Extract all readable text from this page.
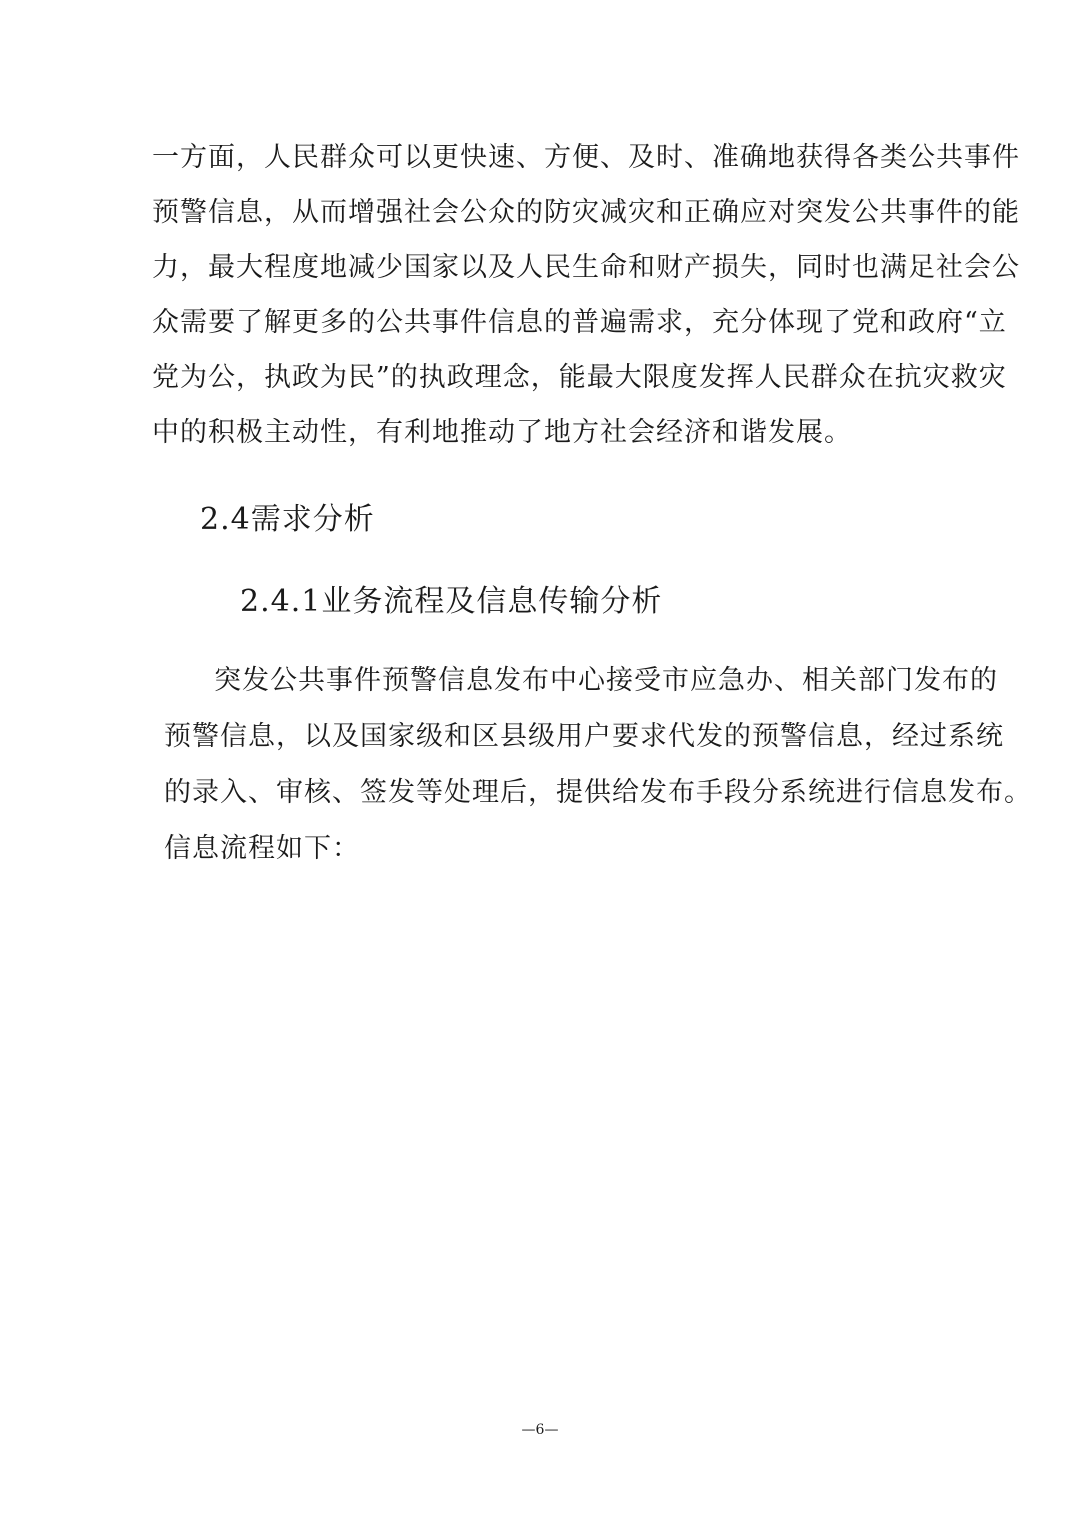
一方面，人民群众可以更快速、方便、及时、准确地获得各类公共事件
预警信息，从而增强社会公众的防灾减灾和正确应对突发公共事件的能
力，最大程度地减少国家以及人民生命和财产损失，同时也满足社会公
众需要了解更多的公共事件信息的普遍需求，充分体现了党和政府“立
党为公，执政为民”的执政理念，能最大限度发挥人民群众在抗灾救灾
中的积极主动性，有利地推动了地方社会经济和谐发展。
2.4需求分析
2.4.1业务流程及信息传输分析
突发公共事件预警信息发布中心接受市应急办、相关部门发布的
预警信息，以及国家级和区县级用户要求代发的预警信息，经过系统
的录入、审核、签发等处理后，提供给发布手段分系统进行信息发布。
信息流程如下：
—6—
